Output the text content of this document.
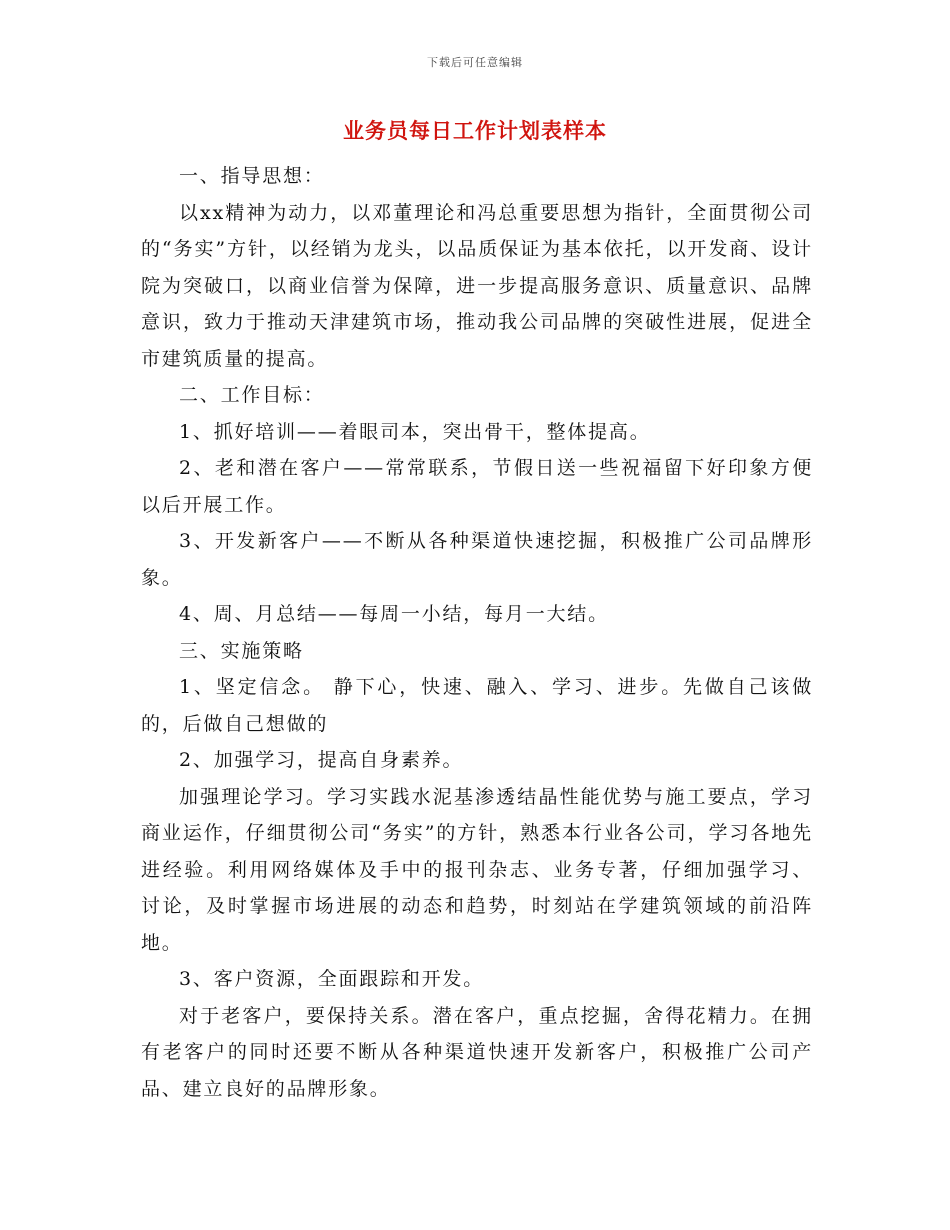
下载后可任意编辑
业务员每日工作计划表样本

一、指导思想：

以xx精神为动力，以邓董理论和冯总重要思想为指针，全面贯彻公司的“务实”方针，以经销为龙头，以品质保证为基本依托，以开发商、设计院为突破口，以商业信誉为保障，进一步提高服务意识、质量意识、品牌意识，致力于推动天津建筑市场，推动我公司品牌的突破性进展，促进全市建筑质量的提高。

二、工作目标：

1、抓好培训——着眼司本，突出骨干，整体提高。

2、老和潜在客户——常常联系，节假日送一些祝福留下好印象方便以后开展工作。

3、开发新客户——不断从各种渠道快速挖掘，积极推广公司品牌形象。

4、周、月总结——每周一小结，每月一大结。

三、实施策略

1、坚定信念。 静下心，快速、融入、学习、进步。先做自己该做的，后做自己想做的

2、加强学习，提高自身素养。

加强理论学习。学习实践水泥基渗透结晶性能优势与施工要点，学习商业运作，仔细贯彻公司“务实”的方针，熟悉本行业各公司，学习各地先进经验。利用网络媒体及手中的报刊杂志、业务专著，仔细加强学习、 讨论，及时掌握市场进展的动态和趋势，时刻站在学建筑领域的前沿阵地。

3、客户资源，全面跟踪和开发。

对于老客户，要保持关系。潜在客户，重点挖掘，舍得花精力。在拥有老客户的同时还要不断从各种渠道快速开发新客户，积极推广公司产品、建立良好的品牌形象。
